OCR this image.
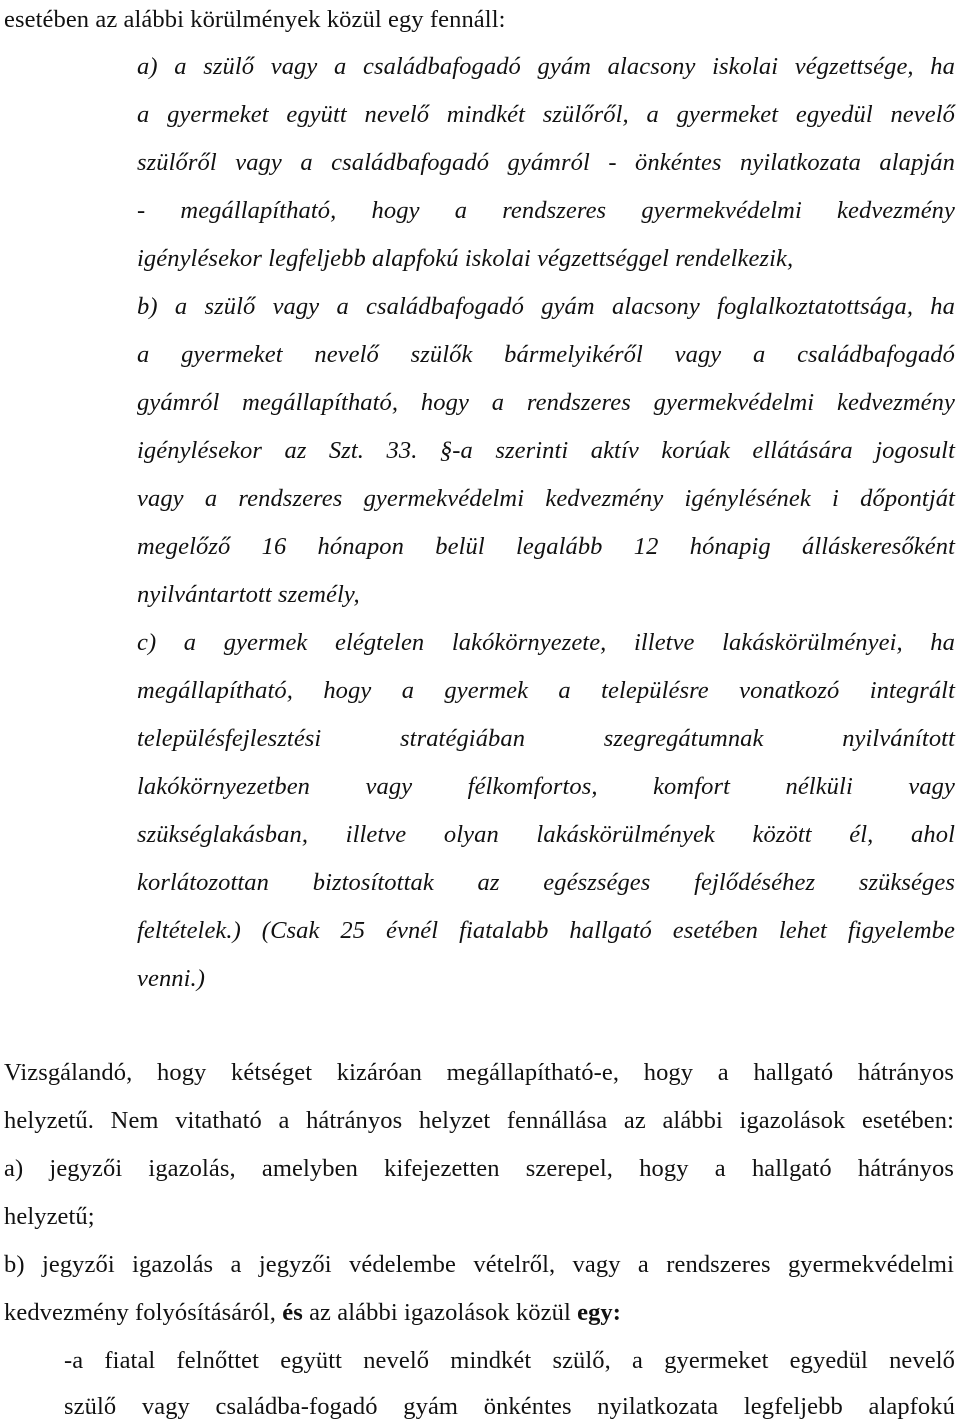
esetében az alábbi körülmények közül egy fennáll:
a) a szülő vagy a családbafogadó gyám alacsony iskolai végzettsége, ha
a gyermeket együtt nevelő mindkét szülőről, a gyermeket egyedül nevelő
szülőről vagy a családbafogadó gyámról - önkéntes nyilatkozata alapján
- megállapítható, hogy a rendszeres gyermekvédelmi kedvezmény
igénylésekor legfeljebb alapfokú iskolai végzettséggel rendelkezik,
b) a szülő vagy a családbafogadó gyám alacsony foglalkoztatottsága, ha
a gyermeket nevelő szülők bármelyikéről vagy a családbafogadó
gyámról megállapítható, hogy a rendszeres gyermekvédelmi kedvezmény
igénylésekor az Szt. 33. §-a szerinti aktív korúak ellátására jogosult
vagy a rendszeres gyermekvédelmi kedvezmény igénylésének i dőpontját
megelőző 16 hónapon belül legalább 12 hónapig álláskeresőként
nyilvántartott személy,
c) a gyermek elégtelen lakókörnyezete, illetve lakáskörülményei, ha
megállapítható, hogy a gyermek a településre vonatkozó integrált
településfejlesztési stratégiában szegregátumnak nyilvánított
lakókörnyezetben vagy félkomfortos, komfort nélküli vagy
szükséglakásban, illetve olyan lakáskörülmények között él, ahol
korlátozottan biztosítottak az egészséges fejlődéséhez szükséges
feltételek.) (Csak 25 évnél fiatalabb hallgató esetében lehet figyelembe
venni.)
Vizsgálandó, hogy kétséget kizáróan megállapítható-e, hogy a hallgató hátrányos
helyzetű. Nem vitatható a hátrányos helyzet fennállása az alábbi igazolások esetében:
a) jegyzői igazolás, amelyben kifejezetten szerepel, hogy a hallgató hátrányos
helyzetű;
b) jegyzői igazolás a jegyzői védelembe vételről, vagy a rendszeres gyermekvédelmi
kedvezmény folyósításáról, és az alábbi igazolások közül egy:
-a fiatal felnőttet együtt nevelő mindkét szülő, a gyermeket egyedül nevelő
szülő vagy családba-fogadó gyám önkéntes nyilatkozata legfeljebb alapfokú
